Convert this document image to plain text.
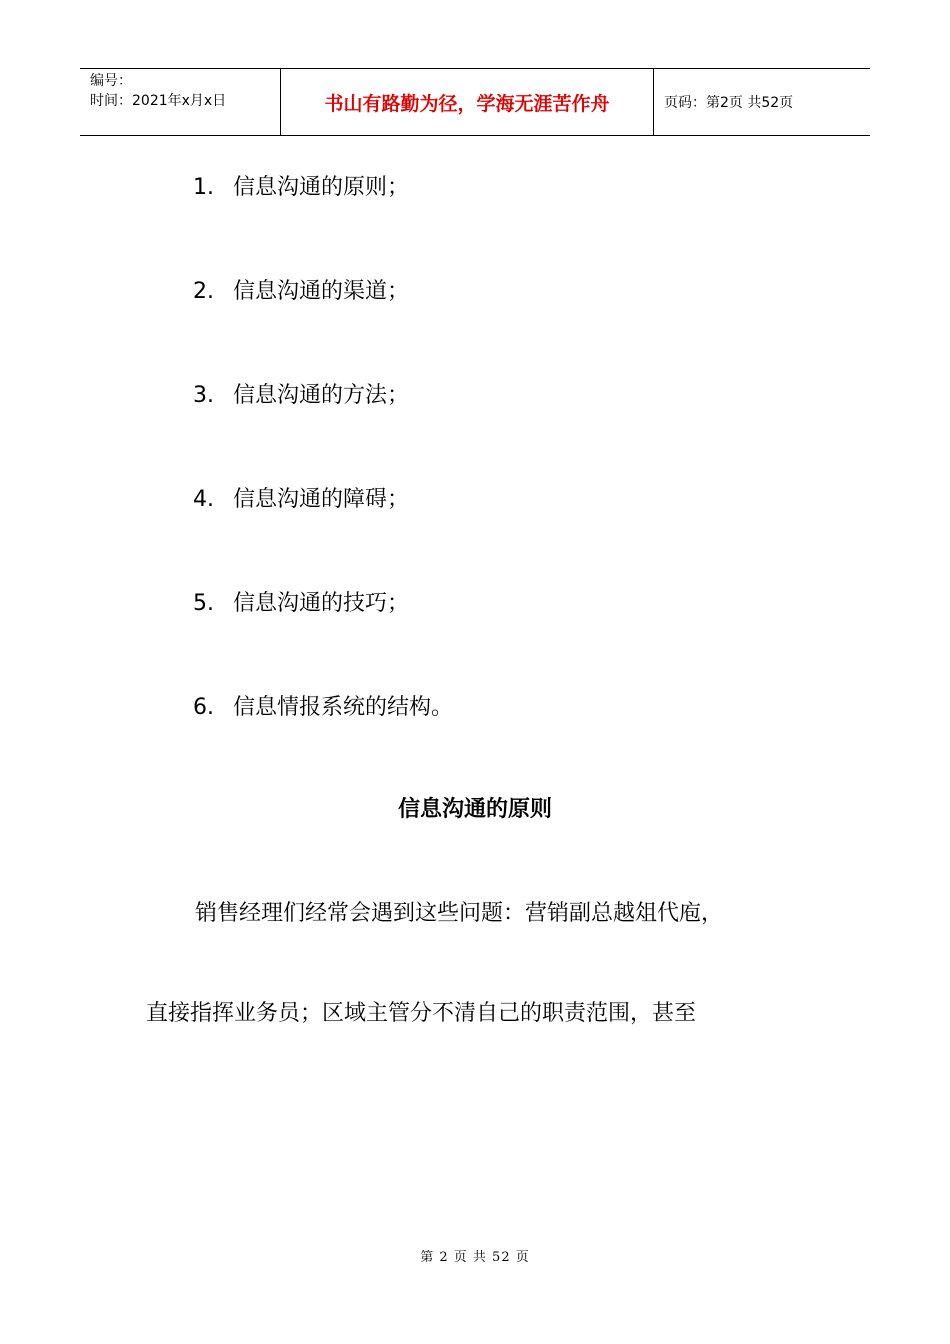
编号：
时间：2021年x月x日	书山有路勤为径，学海无涯苦作舟	页码：第2页 共52页
1. 信息沟通的原则；
2. 信息沟通的渠道；
3. 信息沟通的方法；
4. 信息沟通的障碍；
5. 信息沟通的技巧；
6. 信息情报系统的结构。
信息沟通的原则
销售经理们经常会遇到这些问题：营销副总越俎代庖，
直接指挥业务员；区域主管分不清自己的职责范围，甚至
第 2 页 共 52 页
